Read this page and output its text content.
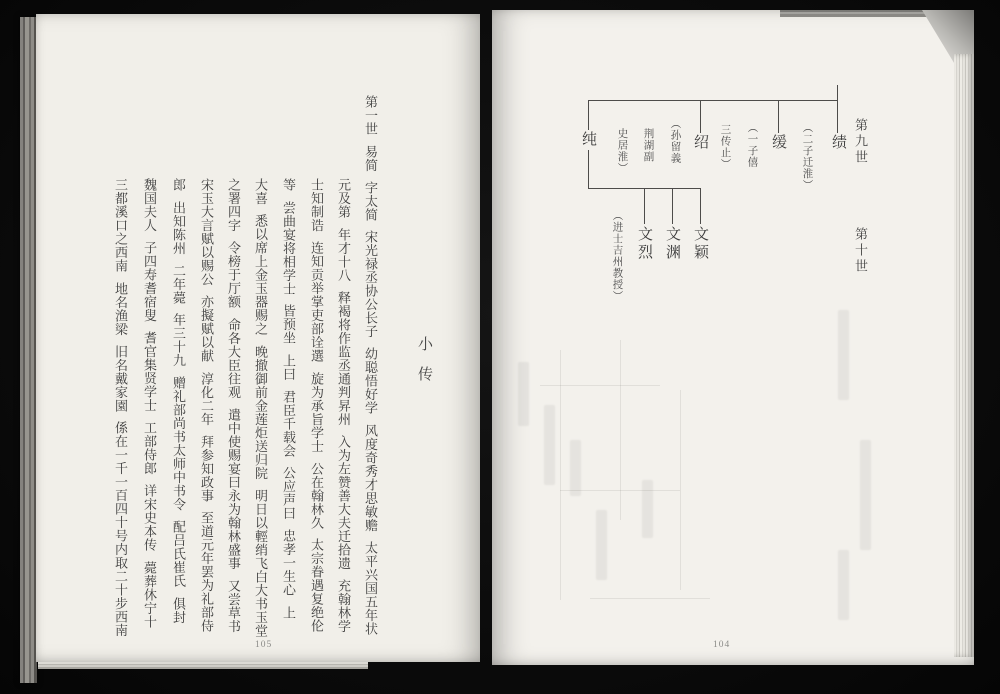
小传
第一世易简字太简宋光禄丞协公长子幼聪悟好学风度奇秀才思敏赡太平兴国五年状
元及第年才十八释褐将作监丞通判昇州入为左赞善大夫迁拾遗充翰林学
士知制诰连知贡举掌吏部诠選旋为承旨学士公在翰林久太宗眷遇复绝伦
等尝曲宴将相学士皆预坐上曰君臣千载会公应声曰忠孝一生心上
大喜悉以席上金玉器赐之晚撤御前金莲炬送归院明日以輕绡飞白大书玉堂
之署四字令榜于厅额命各大臣往观遣中使赐宴曰永为翰林盛事又尝草书
宋玉大言赋以赐公亦擬赋以献淳化二年拜参知政事至道元年罢为礼部侍
郎出知陈州二年薨年三十九赠礼部尚书太师中书令配吕氏崔氏俱封
魏国夫人子四寿耆宿叟耆官集贤学士工部侍郎详宋史本传薨葬休宁十
三都溪口之西南地名渔梁旧名戴家園係在一千一百四十号内取二十步西南
105
第九世
第十世
绩
︵二子迁淮︶
缓
︵一子僖
三传止︶
绍
︵孙留義
荆湖副
史居淮︶
纯
文颖
文渊
文烈
︵进士吉州教授︶
104
